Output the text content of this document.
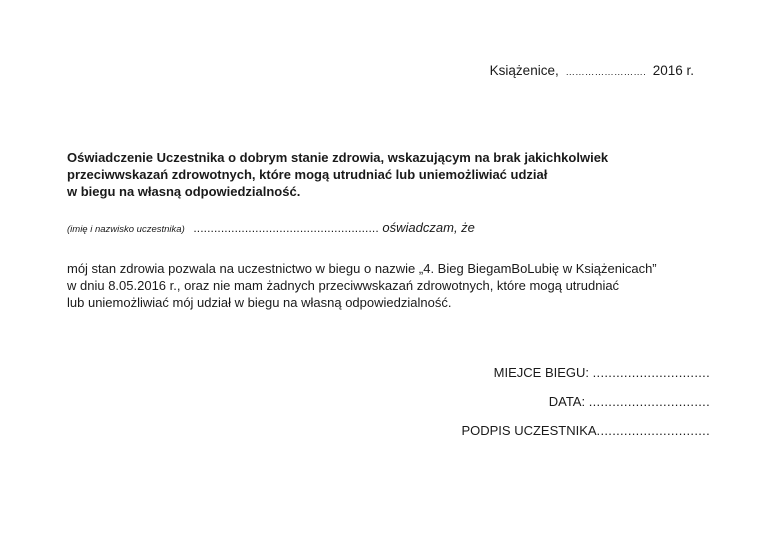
Książenice, ……………………. 2016 r.
Oświadczenie Uczestnika o dobrym stanie zdrowia, wskazującym na brak jakichkolwiek
przeciwwskazań zdrowotnych, które mogą utrudniać lub uniemożliwiać udział
w biegu na własną odpowiedzialność.
(imię i nazwisko uczestnika) ...................................................... oświadczam, że

mój stan zdrowia pozwala na uczestnictwo w biegu o nazwie „4. Bieg BiegamBoLubię w Książenicach”
w dniu 8.05.2016 r., oraz nie mam żadnych przeciwwskazań zdrowotnych, które mogą utrudniać
lub uniemożliwiać mój udział w biegu na własną odpowiedzialność.

MIEJCE BIEGU: ..............................
DATA: ...............................
PODPIS UCZESTNIKA.............................
